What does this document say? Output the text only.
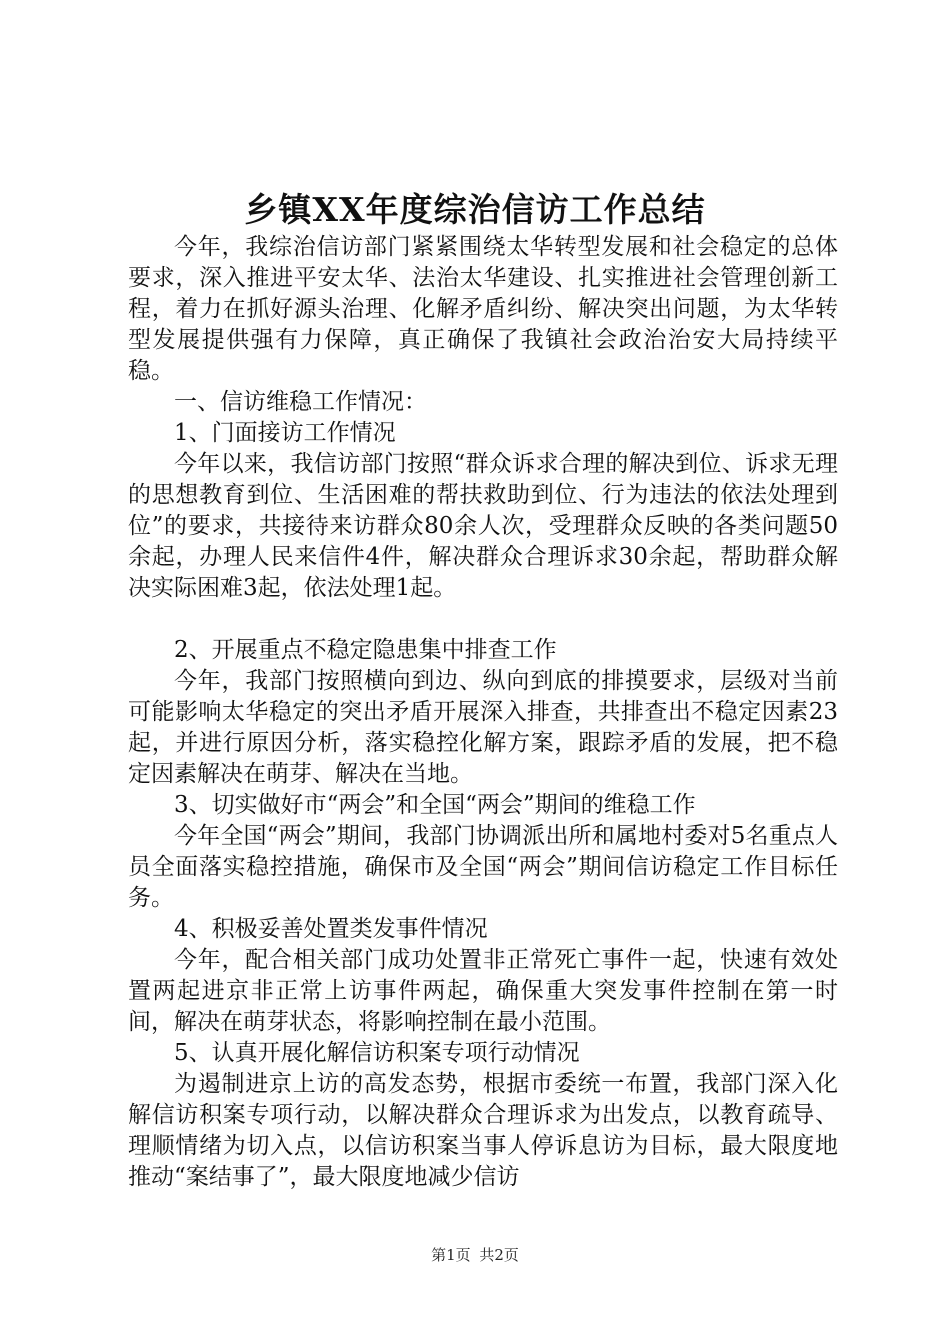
乡镇XX年度综治信访工作总结

今年，我综治信访部门紧紧围绕太华转型发展和社会稳定的总体要求，深入推进平安太华、法治太华建设、扎实推进社会管理创新工程，着力在抓好源头治理、化解矛盾纠纷、解决突出问题，为太华转型发展提供强有力保障，真正确保了我镇社会政治治安大局持续平稳。

一、信访维稳工作情况：

1、门面接访工作情况

今年以来，我信访部门按照“群众诉求合理的解决到位、诉求无理的思想教育到位、生活困难的帮扶救助到位、行为违法的依法处理到位”的要求，共接待来访群众80余人次，受理群众反映的各类问题50余起，办理人民来信件4件，解决群众合理诉求30余起，帮助群众解决实际困难3起，依法处理1起。

2、开展重点不稳定隐患集中排查工作

今年，我部门按照横向到边、纵向到底的排摸要求，层级对当前可能影响太华稳定的突出矛盾开展深入排查，共排查出不稳定因素23起，并进行原因分析，落实稳控化解方案，跟踪矛盾的发展，把不稳定因素解决在萌芽、解决在当地。

3、切实做好市“两会”和全国“两会”期间的维稳工作

今年全国“两会”期间，我部门协调派出所和属地村委对5名重点人员全面落实稳控措施，确保市及全国“两会”期间信访稳定工作目标任务。

4、积极妥善处置类发事件情况

今年，配合相关部门成功处置非正常死亡事件一起，快速有效处置两起进京非正常上访事件两起，确保重大突发事件控制在第一时间，解决在萌芽状态，将影响控制在最小范围。

5、认真开展化解信访积案专项行动情况

为遏制进京上访的高发态势，根据市委统一布置，我部门深入化解信访积案专项行动，以解决群众合理诉求为出发点，以教育疏导、理顺情绪为切入点，以信访积案当事人停诉息访为目标，最大限度地推动“案结事了”，最大限度地减少信访

第1页 共2页
